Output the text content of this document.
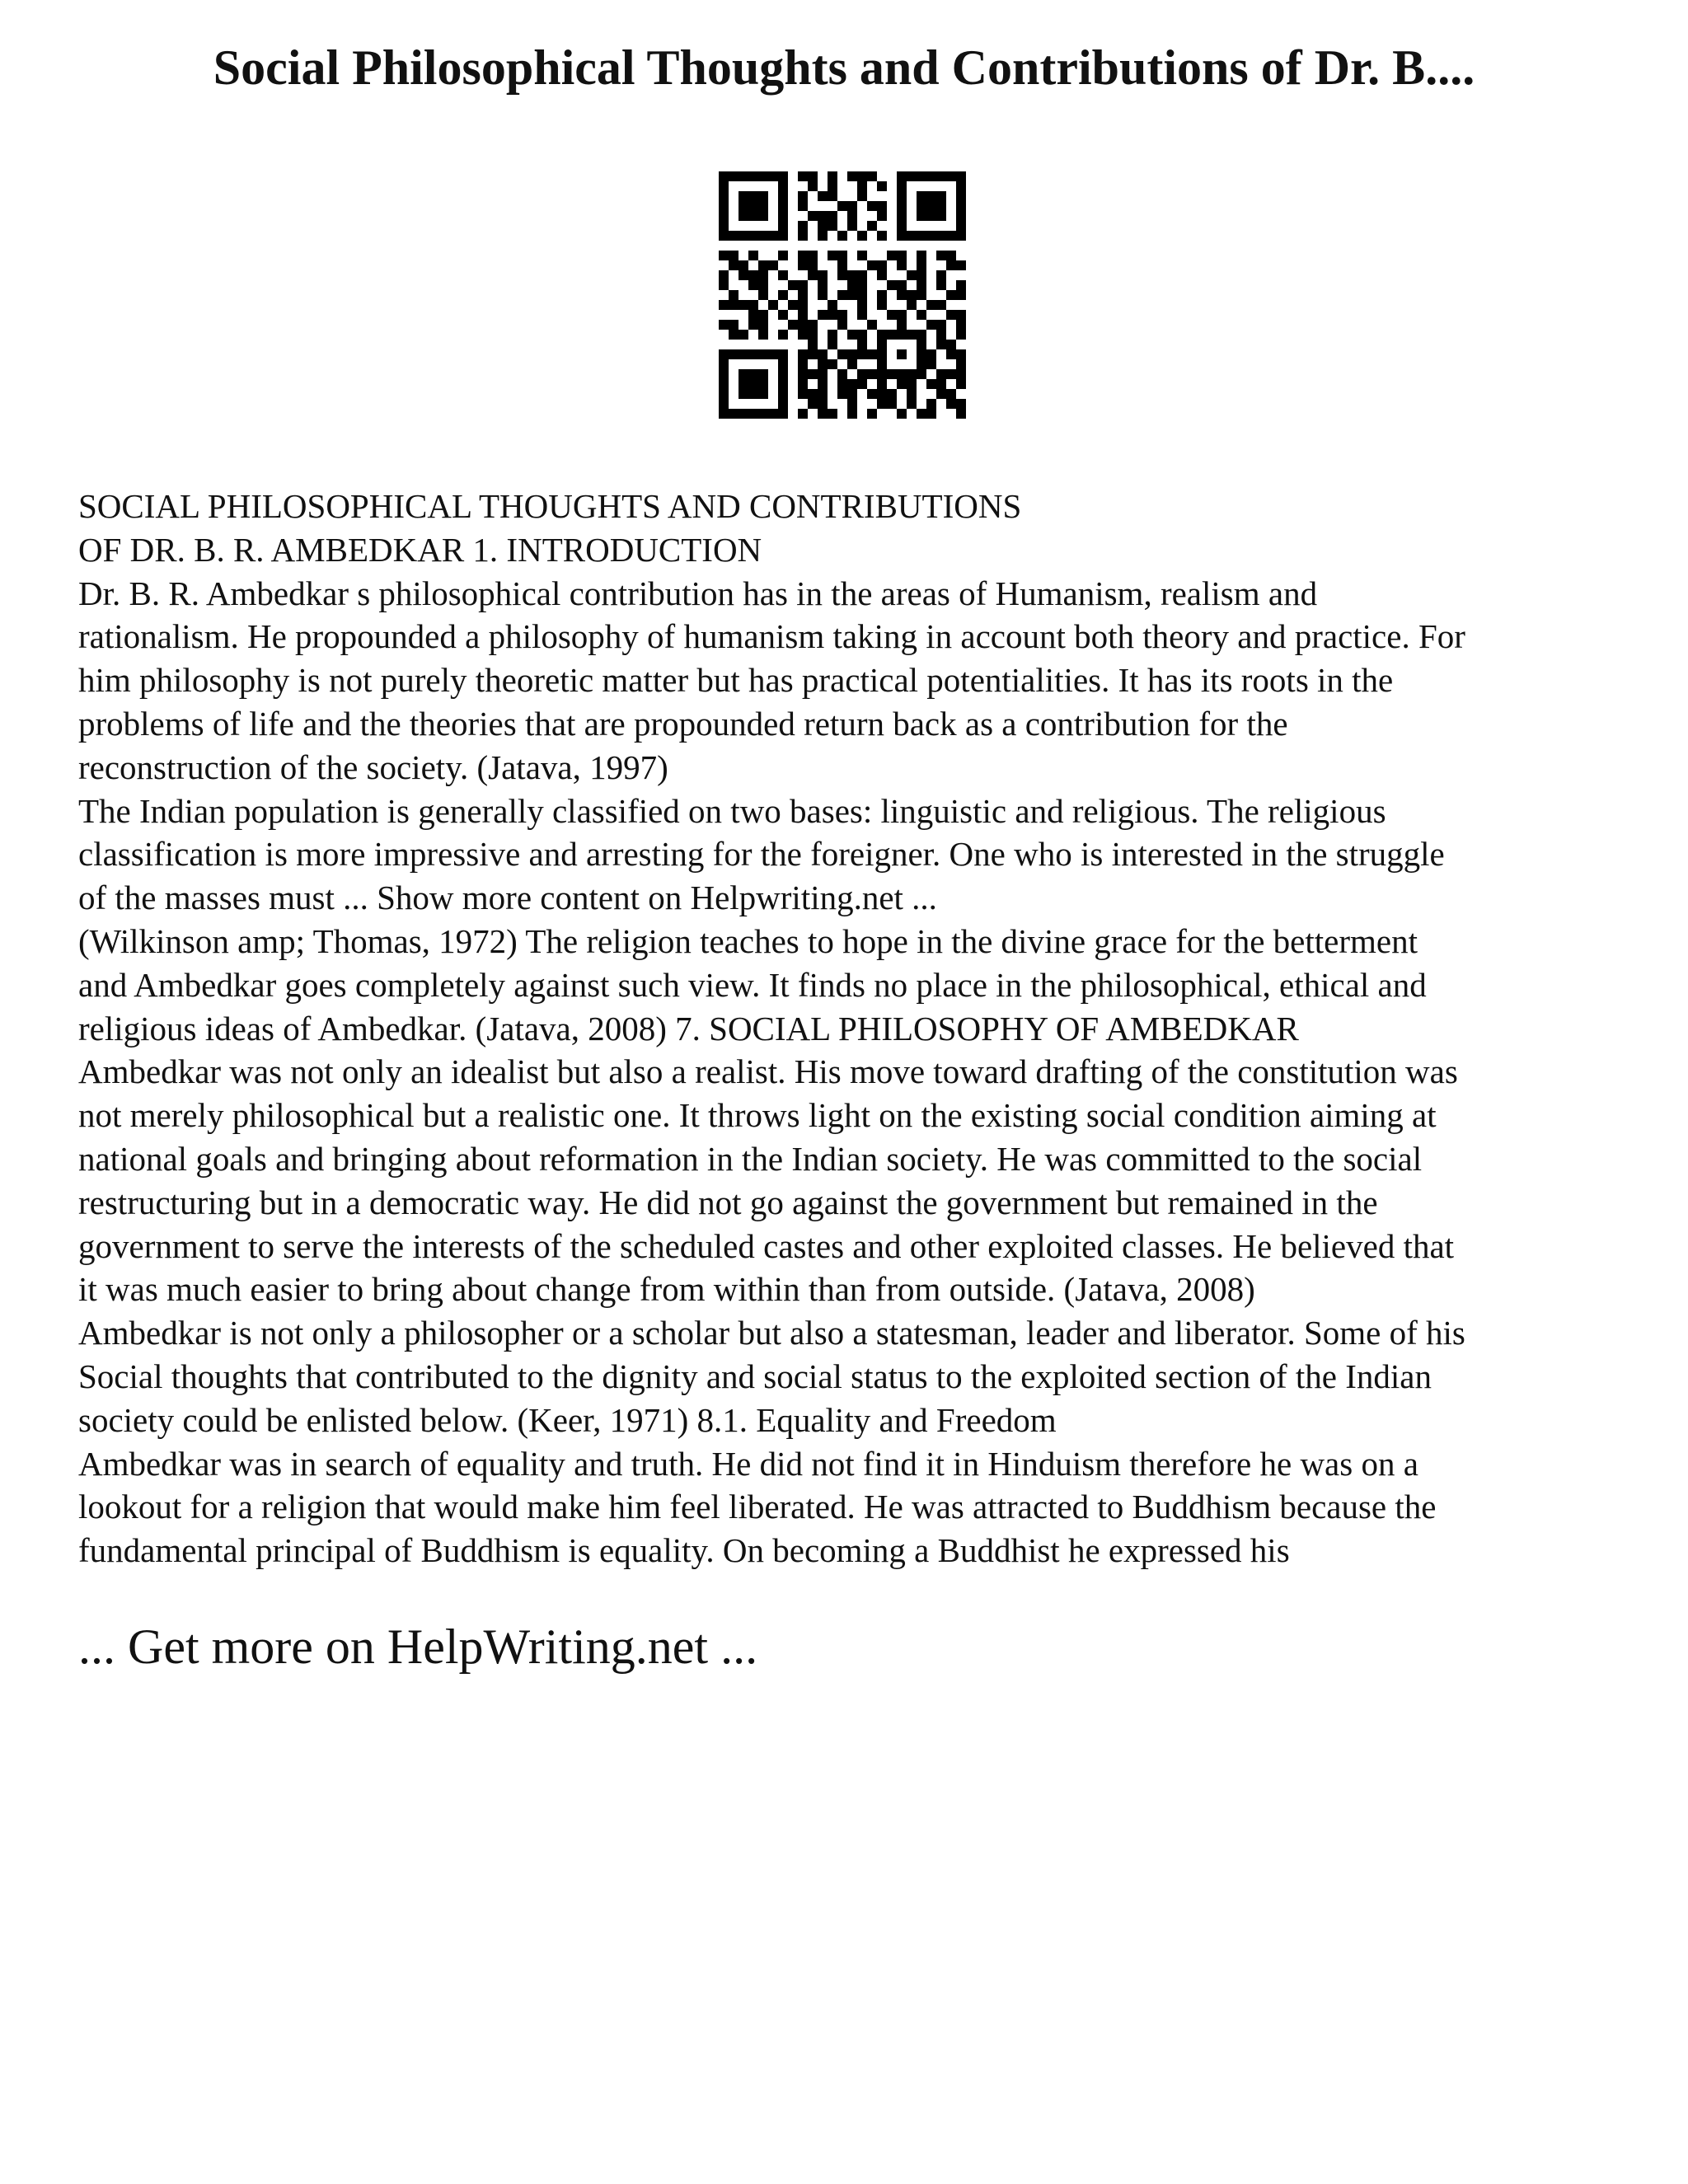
Social Philosophical Thoughts and Contributions of Dr. B....
SOCIAL PHILOSOPHICAL THOUGHTS AND CONTRIBUTIONS
OF DR. B. R. AMBEDKAR 1. INTRODUCTION
Dr. B. R. Ambedkar s philosophical contribution has in the areas of Humanism, realism and
rationalism. He propounded a philosophy of humanism taking in account both theory and practice. For
him philosophy is not purely theoretic matter but has practical potentialities. It has its roots in the
problems of life and the theories that are propounded return back as a contribution for the
reconstruction of the society. (Jatava, 1997)
The Indian population is generally classified on two bases: linguistic and religious. The religious
classification is more impressive and arresting for the foreigner. One who is interested in the struggle
of the masses must ... Show more content on Helpwriting.net ...
(Wilkinson amp; Thomas, 1972) The religion teaches to hope in the divine grace for the betterment
and Ambedkar goes completely against such view. It finds no place in the philosophical, ethical and
religious ideas of Ambedkar. (Jatava, 2008) 7. SOCIAL PHILOSOPHY OF AMBEDKAR
Ambedkar was not only an idealist but also a realist. His move toward drafting of the constitution was
not merely philosophical but a realistic one. It throws light on the existing social condition aiming at
national goals and bringing about reformation in the Indian society. He was committed to the social
restructuring but in a democratic way. He did not go against the government but remained in the
government to serve the interests of the scheduled castes and other exploited classes. He believed that
it was much easier to bring about change from within than from outside. (Jatava, 2008)
Ambedkar is not only a philosopher or a scholar but also a statesman, leader and liberator. Some of his
Social thoughts that contributed to the dignity and social status to the exploited section of the Indian
society could be enlisted below. (Keer, 1971) 8.1. Equality and Freedom
Ambedkar was in search of equality and truth. He did not find it in Hinduism therefore he was on a
lookout for a religion that would make him feel liberated. He was attracted to Buddhism because the
fundamental principal of Buddhism is equality. On becoming a Buddhist he expressed his
... Get more on HelpWriting.net ...
